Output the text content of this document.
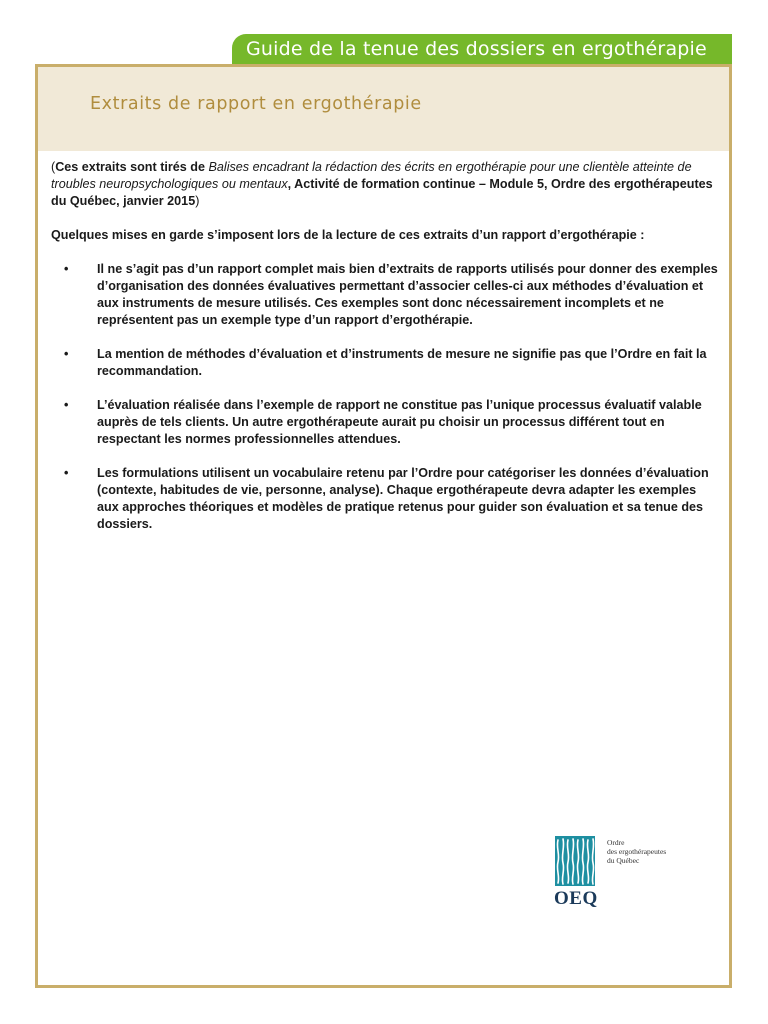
Guide de la tenue des dossiers en ergothérapie
Extraits de rapport en ergothérapie

(Ces extraits sont tirés de Balises encadrant la rédaction des écrits en ergothérapie pour une clientèle atteinte de troubles neuropsychologiques ou mentaux, Activité de formation continue – Module 5, Ordre des ergothérapeutes du Québec, janvier 2015)

Quelques mises en garde s’imposent lors de la lecture de ces extraits d’un rapport d’ergothérapie :

• Il ne s’agit pas d’un rapport complet mais bien d’extraits de rapports utilisés pour donner des exemples d’organisation des données évaluatives permettant d’associer celles-ci aux méthodes d’évaluation et aux instruments de mesure utilisés. Ces exemples sont donc nécessairement incomplets et ne représentent pas un exemple type d’un rapport d’ergothérapie.
• La mention de méthodes d’évaluation et d’instruments de mesure ne signifie pas que l’Ordre en fait la recommandation.
• L’évaluation réalisée dans l’exemple de rapport ne constitue pas l’unique processus évaluatif valable auprès de tels clients. Un autre ergothérapeute aurait pu choisir un processus différent tout en respectant les normes professionnelles attendues.
• Les formulations utilisent un vocabulaire retenu par l’Ordre pour catégoriser les données d’évaluation (contexte, habitudes de vie, personne, analyse). Chaque ergothérapeute devra adapter les exemples aux approches théoriques et modèles de pratique retenus pour guider son évaluation et sa tenue des dossiers.
Ordre
des ergothérapeutes
du Québec
OEQ
